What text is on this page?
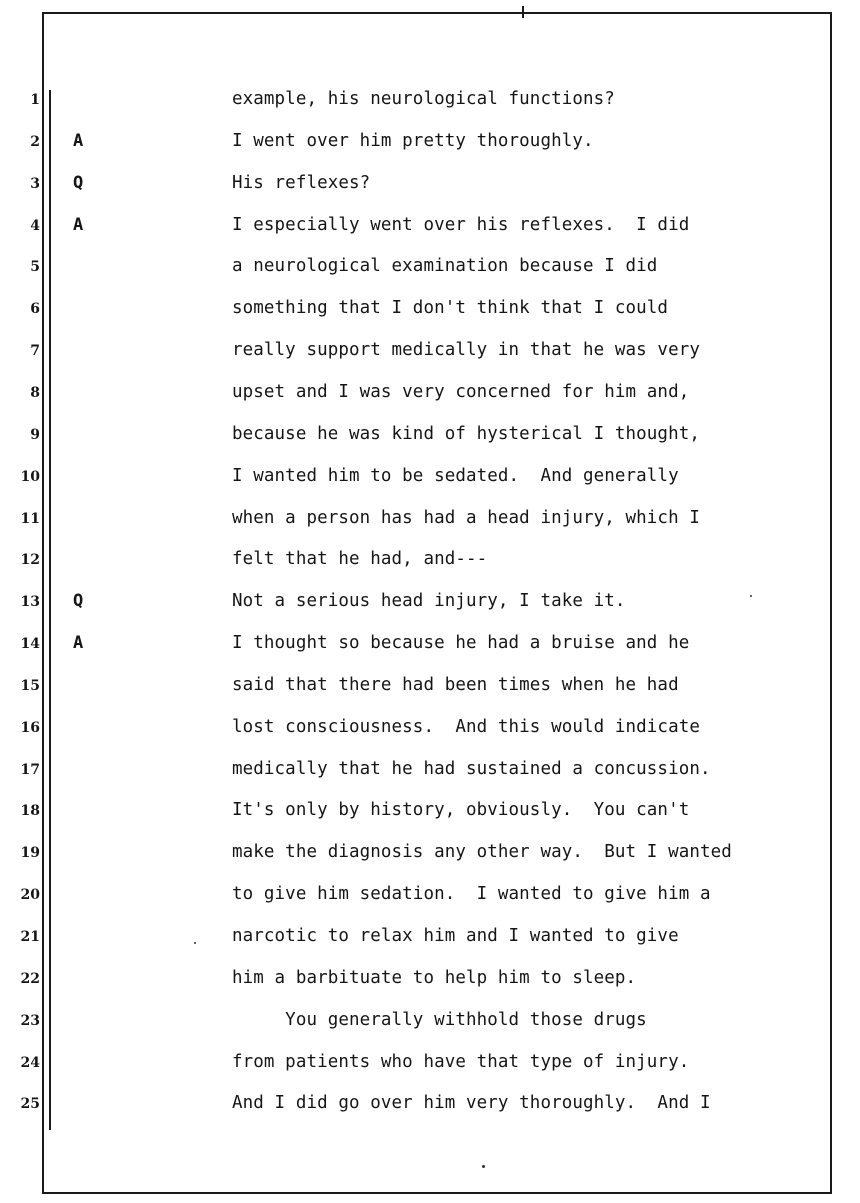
1	example, his neurological functions?
2 A	I went over him pretty thoroughly.
3 Q	His reflexes?
4 A	I especially went over his reflexes.  I did
5	a neurological examination because I did
6	something that I don't think that I could
7	really support medically in that he was very
8	upset and I was very concerned for him and,
9	because he was kind of hysterical I thought,
10	I wanted him to be sedated.  And generally
11	when a person has had a head injury, which I
12	felt that he had, and---
13 Q	Not a serious head injury, I take it.
14 A	I thought so because he had a bruise and he
15	said that there had been times when he had
16	lost consciousness.  And this would indicate
17	medically that he had sustained a concussion.
18	It's only by history, obviously.  You can't
19	make the diagnosis any other way.  But I wanted
20	to give him sedation.  I wanted to give him a
21	narcotic to relax him and I wanted to give
22	him a barbituate to help him to sleep.
23	You generally withhold those drugs
24	from patients who have that type of injury.
25	And I did go over him very thoroughly.  And I
